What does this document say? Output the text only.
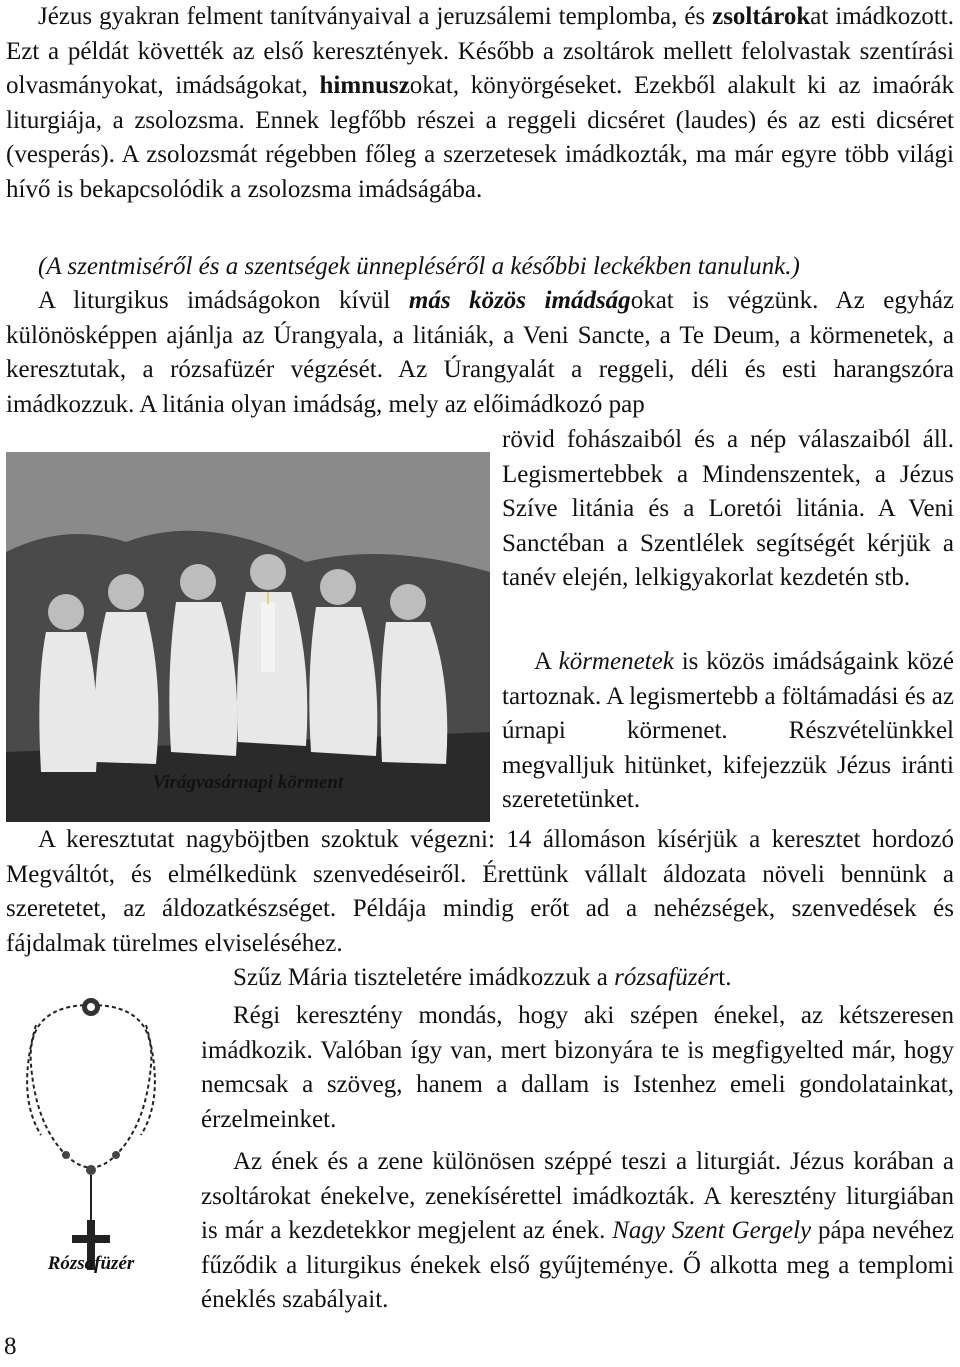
Jézus gyakran felment tanítványaival a jeruzsálemi templomba, és zsoltárokat imádkozott. Ezt a példát követték az első keresztények. Később a zsoltárok mellett felolvastak szentírási olvasmányokat, imádságokat, himnuszokat, könyörgéseket. Ezekből alakult ki az imaórák liturgiája, a zsolozsma. Ennek legfőbb részei a reggeli dicséret (laudes) és az esti dicséret (vesperás). A zsolozsmát régebben főleg a szerzetesek imádkozták, ma már egyre több világi hívő is bekapcsolódik a zsolozsma imádságába.

(A szentmiséről és a szentségek ünnepléséről a későbbi leckékben tanulunk.)

A liturgikus imádságokon kívül más közös imádságokat is végzünk. Az egyház különösképpen ajánlja az Úrangyala, a litániák, a Veni Sancte, a Te Deum, a körmenetek, a keresztutak, a rózsafüzér végzését. Az Úrangyalát a reggeli, déli és esti harangszóra imádkozzuk. A litánia olyan imádság, mely az előimádkozó pap

Virágvasárnapi körment

rövid fohászaiból és a nép válaszaiból áll. Legismertebbek a Mindenszentek, a Jézus Szíve litánia és a Loretói litánia. A Veni Sanctéban a Szentlélek segítségét kérjük a tanév elején, lelkigyakorlat kezdetén stb.

A körmenetek is közös imádságaink közé tartoznak. A legismertebb a föltámadási és az úrnapi körmenet. Részvételünkkel megvalljuk hitünket, kifejezzük Jézus iránti szeretetünket.

A keresztutat nagyböjtben szoktuk végezni: 14 állomáson kísérjük a keresztet hordozó Megváltót, és elmélkedünk szenvedéseiről. Érettünk vállalt áldozata növeli bennünk a szeretetet, az áldozatkészséget. Példája mindig erőt ad a nehézségek, szenvedések és fájdalmak türelmes elviseléséhez.

Rózsafüzér

Szűz Mária tiszteletére imádkozzuk a rózsafüzért.

Régi keresztény mondás, hogy aki szépen énekel, az kétszeresen imádkozik. Valóban így van, mert bizonyára te is megfigyelted már, hogy nemcsak a szöveg, hanem a dallam is Istenhez emeli gondolatainkat, érzelmeinket.

Az ének és a zene különösen széppé teszi a liturgiát. Jézus korában a zsoltárokat énekelve, zenekísérettel imádkozták. A keresztény liturgiában is már a kezdetekkor megjelent az ének. Nagy Szent Gergely pápa nevéhez fűződik a liturgikus énekek első gyűjteménye. Ő alkotta meg a templomi éneklés szabályait.

8
